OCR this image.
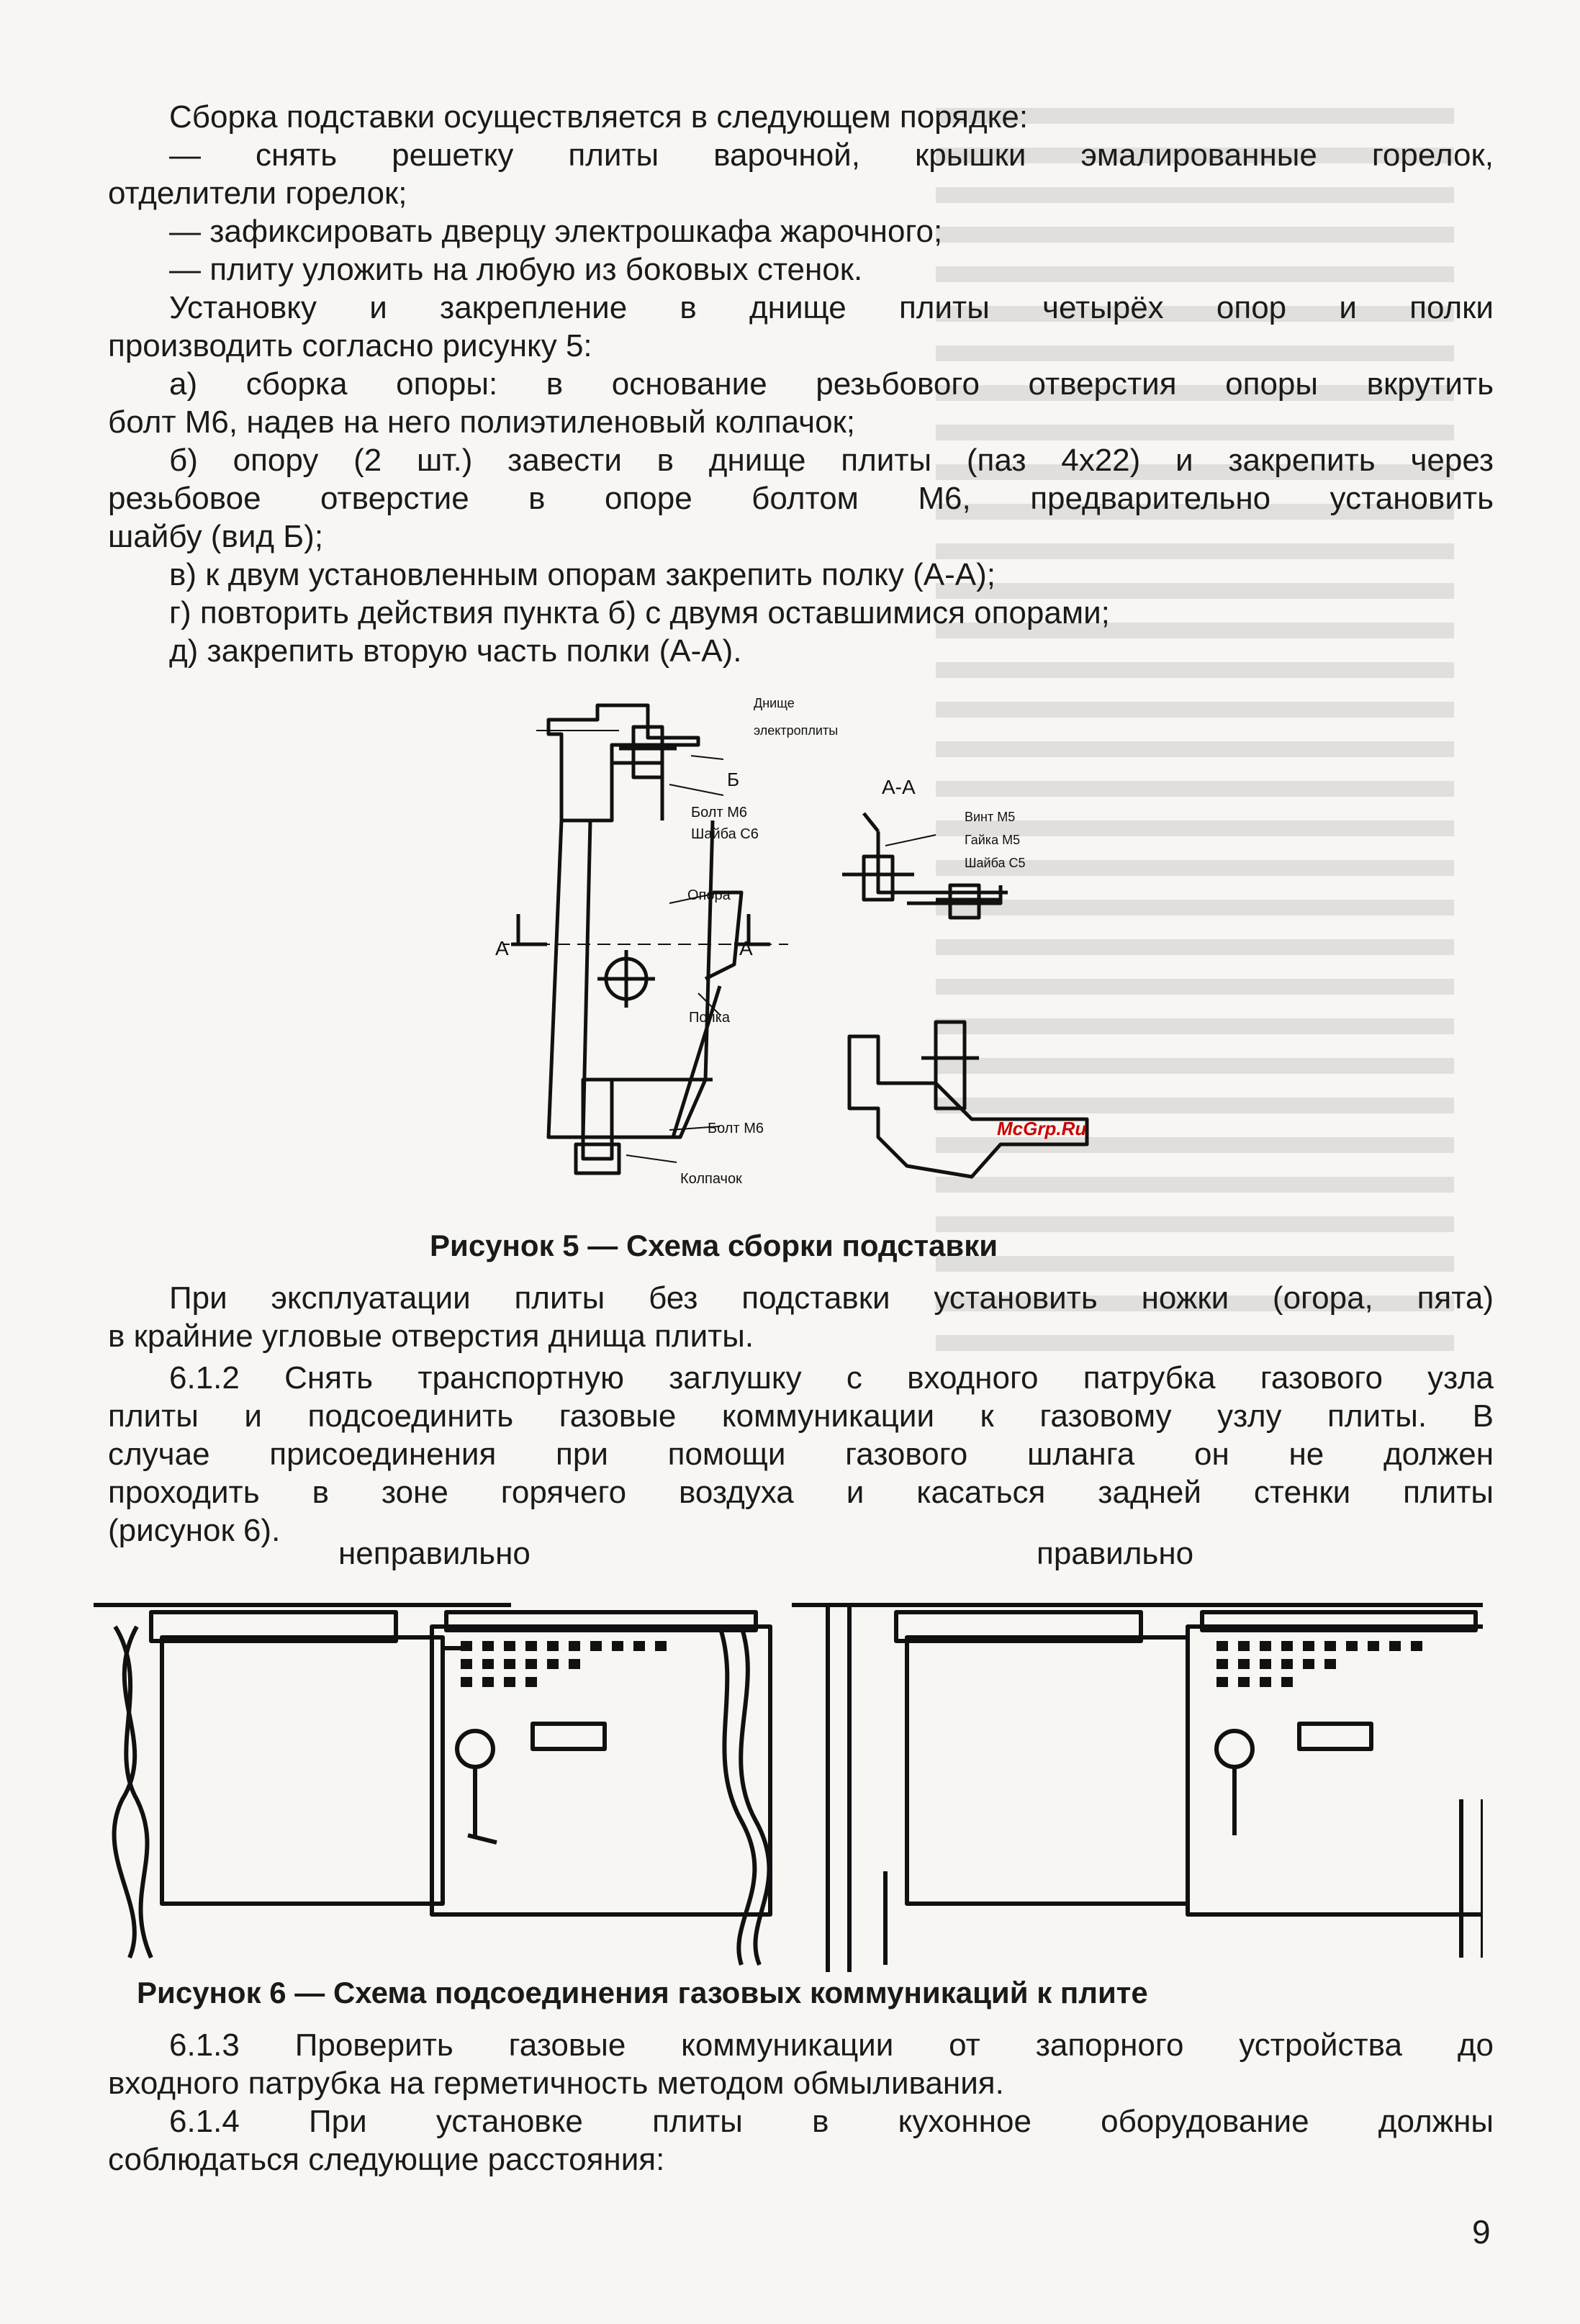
Сборка подставки осуществляется в следующем порядке:
— снять решетку плиты варочной, крышки эмалированные горелок,
отделители горелок;
— зафиксировать дверцу электрошкафа жарочного;
— плиту уложить на любую из боковых стенок.
Установку и закрепление в днище плиты четырёх опор и полки
производить согласно рисунку 5:
а) сборка опоры: в основание резьбового отверстия опоры вкрутить
болт М6, надев на него полиэтиленовый колпачок;
б) опору (2 шт.) завести в днище плиты (паз 4х22) и закрепить через
резьбовое отверстие в опоре болтом М6, предварительно установить
шайбу (вид Б);
в) к двум установленным опорам закрепить полку (А-А);
г) повторить действия пункта б) с двумя оставшимися опорами;
д) закрепить вторую часть полки (А-А).
Днище
электроплиты
Б
Болт М6
Шайба С6
А-А
Винт М5
Гайка М5
Шайба С5
Опора
А	А
Полка
Болт М6
Колпачок
McGrp.Ru
Рисунок 5 — Схема сборки подставки
При эксплуатации плиты без подставки установить ножки (огора, пята)
в крайние угловые отверстия днища плиты.
6.1.2 Снять транспортную заглушку с входного патрубка газового узла
плиты и подсоединить газовые коммуникации к газовому узлу плиты. В
случае присоединения при помощи газового шланга он не должен
проходить в зоне горячего воздуха и касаться задней стенки плиты
(рисунок 6).
неправильно	правильно
Рисунок 6 — Схема подсоединения газовых коммуникаций к плите
6.1.3 Проверить газовые коммуникации от запорного устройства до
входного патрубка на герметичность методом обмыливания.
6.1.4 При установке плиты в кухонное оборудование должны
соблюдаться следующие расстояния:
9
